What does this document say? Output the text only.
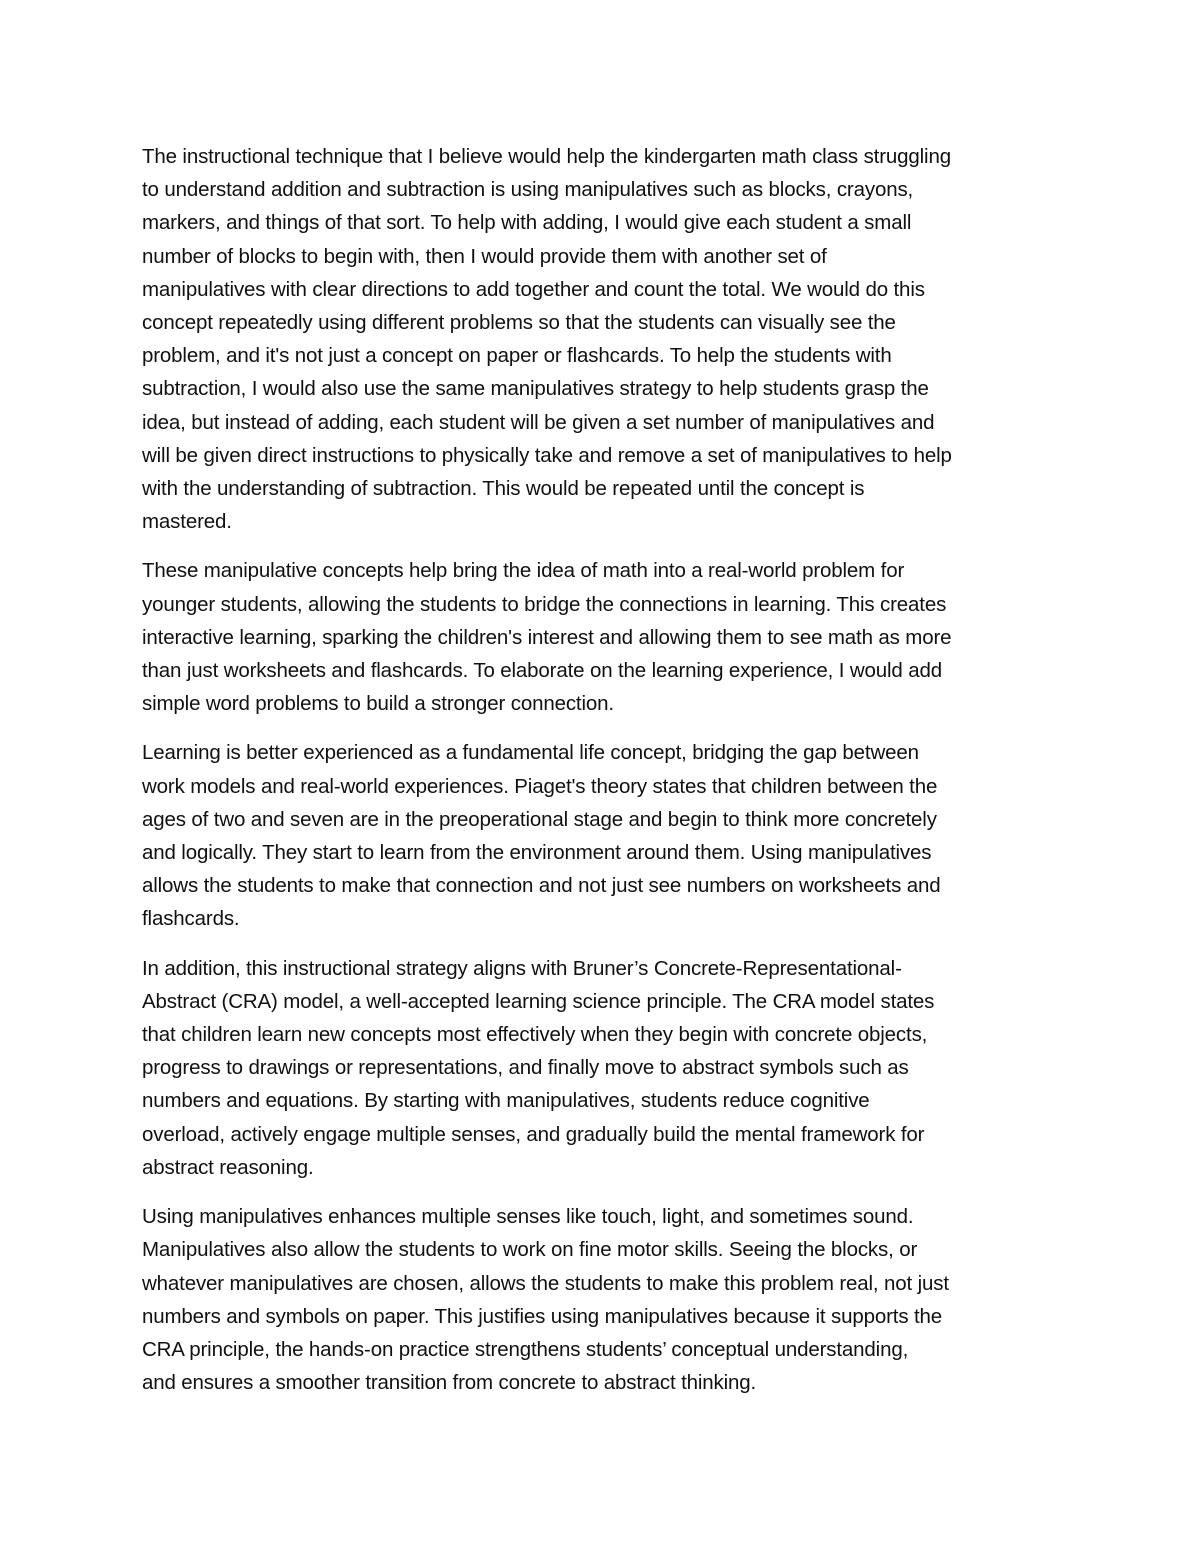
The instructional technique that I believe would help the kindergarten math class struggling
to understand addition and subtraction is using manipulatives such as blocks, crayons,
markers, and things of that sort. To help with adding, I would give each student a small
number of blocks to begin with, then I would provide them with another set of
manipulatives with clear directions to add together and count the total. We would do this
concept repeatedly using different problems so that the students can visually see the
problem, and it's not just a concept on paper or flashcards. To help the students with
subtraction, I would also use the same manipulatives strategy to help students grasp the
idea, but instead of adding, each student will be given a set number of manipulatives and
will be given direct instructions to physically take and remove a set of manipulatives to help
with the understanding of subtraction. This would be repeated until the concept is
mastered.

These manipulative concepts help bring the idea of math into a real-world problem for
younger students, allowing the students to bridge the connections in learning. This creates
interactive learning, sparking the children's interest and allowing them to see math as more
than just worksheets and flashcards. To elaborate on the learning experience, I would add
simple word problems to build a stronger connection.

Learning is better experienced as a fundamental life concept, bridging the gap between
work models and real-world experiences. Piaget's theory states that children between the
ages of two and seven are in the preoperational stage and begin to think more concretely
and logically. They start to learn from the environment around them. Using manipulatives
allows the students to make that connection and not just see numbers on worksheets and
flashcards.

In addition, this instructional strategy aligns with Bruner’s Concrete-Representational-
Abstract (CRA) model, a well-accepted learning science principle. The CRA model states
that children learn new concepts most effectively when they begin with concrete objects,
progress to drawings or representations, and finally move to abstract symbols such as
numbers and equations. By starting with manipulatives, students reduce cognitive
overload, actively engage multiple senses, and gradually build the mental framework for
abstract reasoning.

Using manipulatives enhances multiple senses like touch, light, and sometimes sound.
Manipulatives also allow the students to work on fine motor skills. Seeing the blocks, or
whatever manipulatives are chosen, allows the students to make this problem real, not just
numbers and symbols on paper. This justifies using manipulatives because it supports the
CRA principle, the hands-on practice strengthens students’ conceptual understanding,
and ensures a smoother transition from concrete to abstract thinking.
